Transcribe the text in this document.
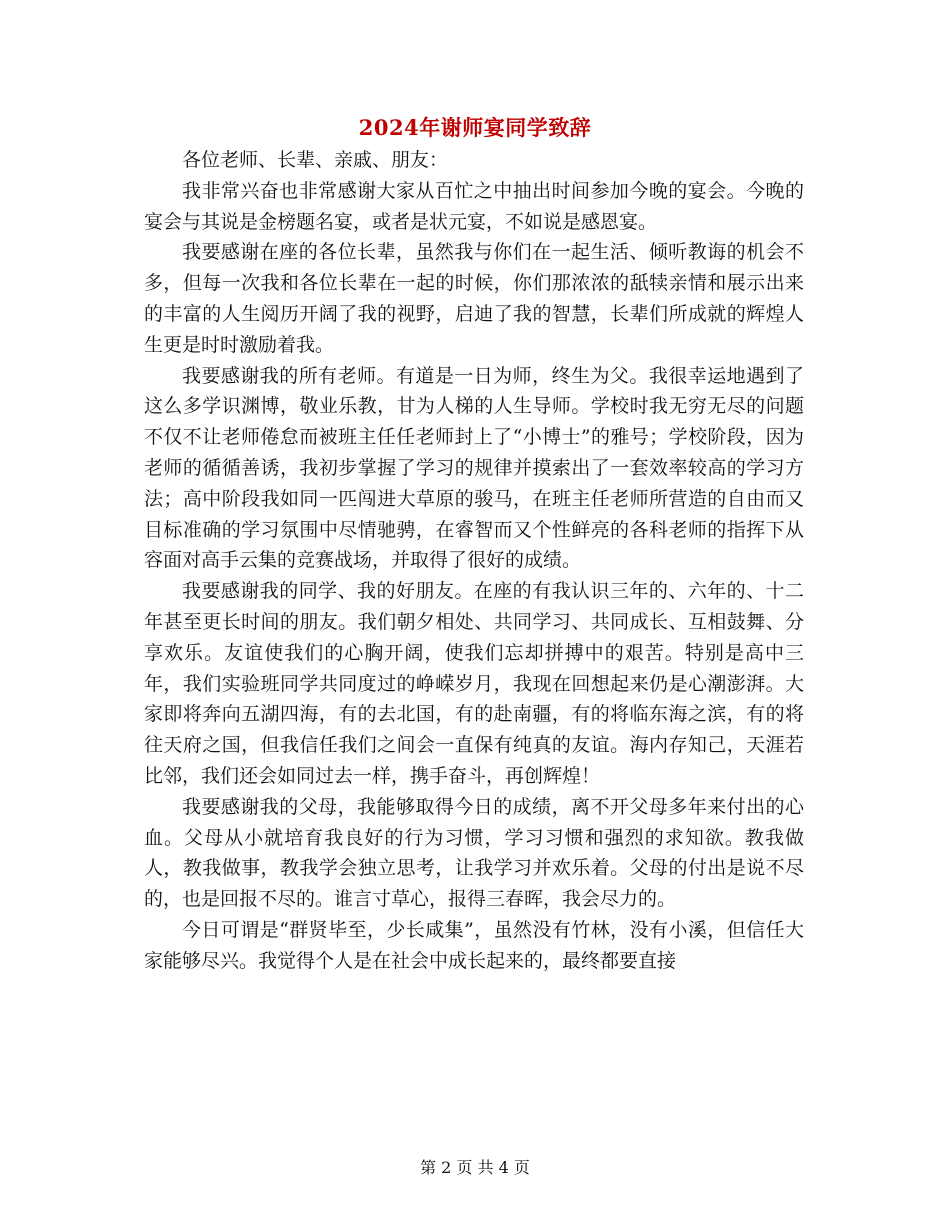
2024年谢师宴同学致辞

各位老师、长辈、亲戚、朋友：

我非常兴奋也非常感谢大家从百忙之中抽出时间参加今晚的宴会。今晚的宴会与其说是金榜题名宴，或者是状元宴，不如说是感恩宴。

我要感谢在座的各位长辈，虽然我与你们在一起生活、倾听教诲的机会不多，但每一次我和各位长辈在一起的时候，你们那浓浓的舐犊亲情和展示出来的丰富的人生阅历开阔了我的视野，启迪了我的智慧，长辈们所成就的辉煌人生更是时时激励着我。

我要感谢我的所有老师。有道是一日为师，终生为父。我很幸运地遇到了这么多学识渊博，敬业乐教，甘为人梯的人生导师。学校时我无穷无尽的问题不仅不让老师倦怠而被班主任任老师封上了“小博士”的雅号；学校阶段，因为老师的循循善诱，我初步掌握了学习的规律并摸索出了一套效率较高的学习方法；高中阶段我如同一匹闯进大草原的骏马，在班主任老师所营造的自由而又目标准确的学习氛围中尽情驰骋，在睿智而又个性鲜亮的各科老师的指挥下从容面对高手云集的竞赛战场，并取得了很好的成绩。

我要感谢我的同学、我的好朋友。在座的有我认识三年的、六年的、十二年甚至更长时间的朋友。我们朝夕相处、共同学习、共同成长、互相鼓舞、分享欢乐。友谊使我们的心胸开阔，使我们忘却拼搏中的艰苦。特别是高中三年，我们实验班同学共同度过的峥嵘岁月，我现在回想起来仍是心潮澎湃。大家即将奔向五湖四海，有的去北国，有的赴南疆，有的将临东海之滨，有的将往天府之国，但我信任我们之间会一直保有纯真的友谊。海内存知己，天涯若比邻，我们还会如同过去一样，携手奋斗，再创辉煌！

我要感谢我的父母，我能够取得今日的成绩，离不开父母多年来付出的心血。父母从小就培育我良好的行为习惯，学习习惯和强烈的求知欲。教我做人，教我做事，教我学会独立思考，让我学习并欢乐着。父母的付出是说不尽的，也是回报不尽的。谁言寸草心，报得三春晖，我会尽力的。

今日可谓是“群贤毕至，少长咸集”，虽然没有竹林，没有小溪，但信任大家能够尽兴。我觉得个人是在社会中成长起来的，最终都要直接

第 2 页 共 4 页
